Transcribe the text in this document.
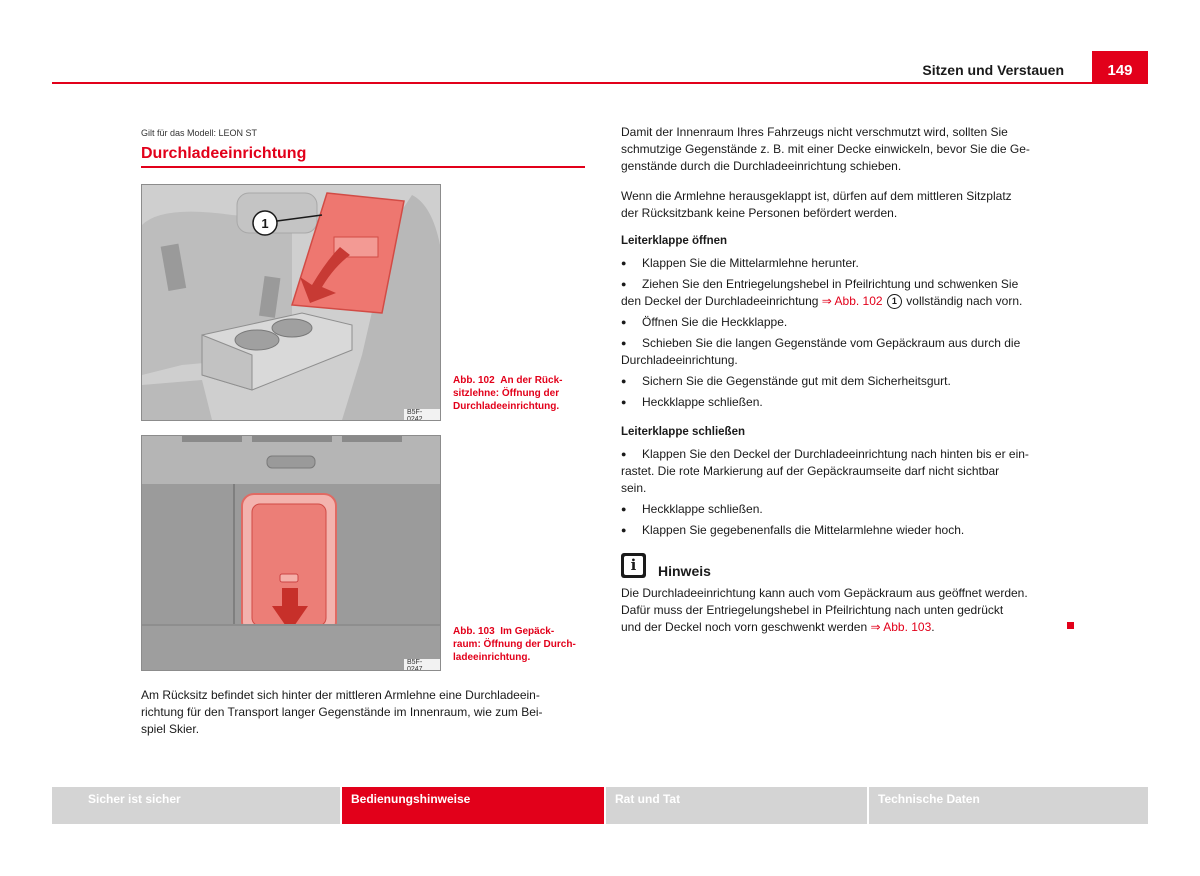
Sitzen und Verstauen	149
Gilt für das Modell: LEON ST
Durchladeeinrichtung
1
B5F-0242
Abb. 102 An der Rück-
sitzlehne: Öffnung der
Durchladeeinrichtung.
B5F-0247
Abb. 103 Im Gepäck-
raum: Öffnung der Durch-
ladeeinrichtung.
Am Rücksitz befindet sich hinter der mittleren Armlehne eine Durchladeein-
richtung für den Transport langer Gegenstände im Innenraum, wie zum Bei-
spiel Skier.
Damit der Innenraum Ihres Fahrzeugs nicht verschmutzt wird, sollten Sie
schmutzige Gegenstände z. B. mit einer Decke einwickeln, bevor Sie die Ge-
genstände durch die Durchladeeinrichtung schieben.
Wenn die Armlehne herausgeklappt ist, dürfen auf dem mittleren Sitzplatz
der Rücksitzbank keine Personen befördert werden.
Leiterklappe öffnen
● Klappen Sie die Mittelarmlehne herunter.
● Ziehen Sie den Entriegelungshebel in Pfeilrichtung und schwenken Sie
den Deckel der Durchladeeinrichtung ⇒ Abb. 102 1 vollständig nach vorn.
● Öffnen Sie die Heckklappe.
● Schieben Sie die langen Gegenstände vom Gepäckraum aus durch die
Durchladeeinrichtung.
● Sichern Sie die Gegenstände gut mit dem Sicherheitsgurt.
● Heckklappe schließen.
Leiterklappe schließen
● Klappen Sie den Deckel der Durchladeeinrichtung nach hinten bis er ein-
rastet. Die rote Markierung auf der Gepäckraumseite darf nicht sichtbar
sein.
● Heckklappe schließen.
● Klappen Sie gegebenenfalls die Mittelarmlehne wieder hoch.
i	Hinweis
Die Durchladeeinrichtung kann auch vom Gepäckraum aus geöffnet werden.
Dafür muss der Entriegelungshebel in Pfeilrichtung nach unten gedrückt
und der Deckel noch vorn geschwenkt werden ⇒ Abb. 103.
Sicher ist sicher	Bedienungshinweise	Rat und Tat	Technische Daten
